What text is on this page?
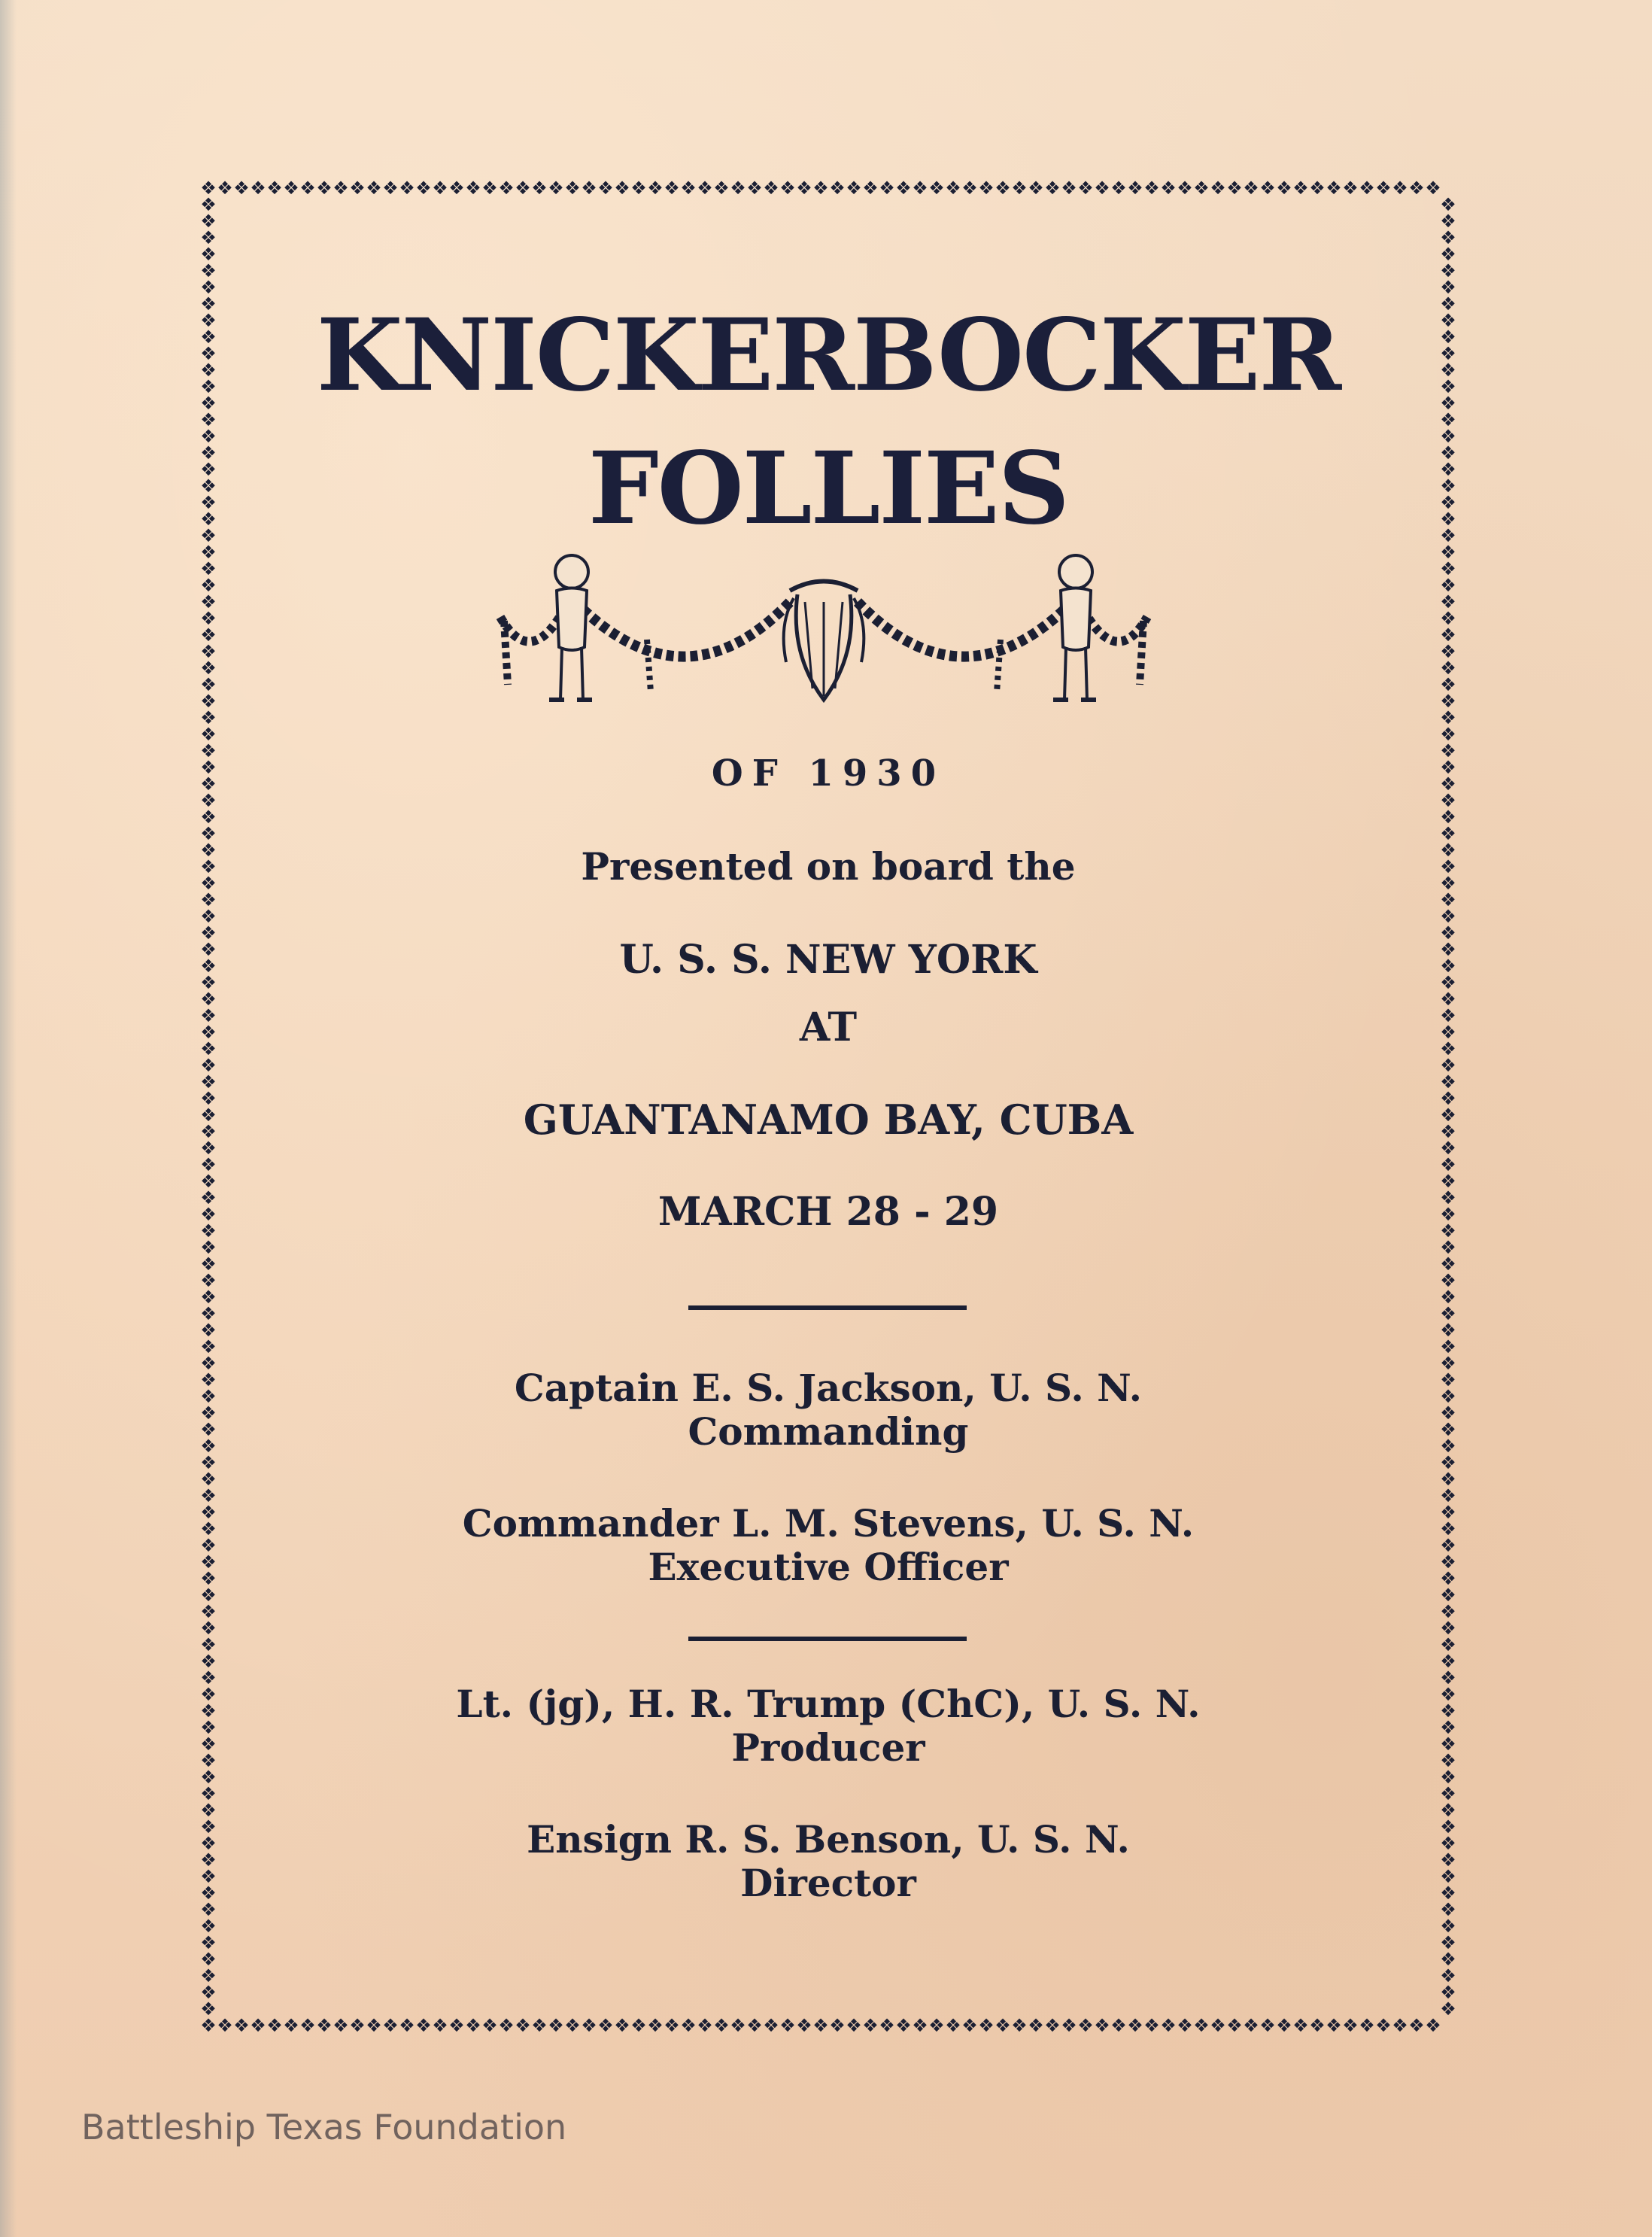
❖
❖
❖
❖
❖
❖
❖
❖
❖
❖
❖
❖
❖
❖
❖
❖
❖
❖
❖
❖
❖
❖
❖
❖
❖
❖
❖
❖
❖
❖
❖
❖
❖
❖
❖
❖
❖
❖
❖
❖
❖
❖
❖
❖
❖
❖
❖
❖
❖
❖
❖
❖
❖
❖
❖
❖
❖
❖
❖
❖
❖
❖
❖
❖
❖
❖
❖
❖
❖
❖
❖
❖
❖
❖
❖
❖
❖
❖
❖
❖
❖
❖
❖
❖
❖
❖
❖
❖
❖
❖
❖
❖
❖
❖
❖
❖
❖
❖
❖
❖
❖
❖
❖
❖
❖
❖
❖
❖
❖
❖
❖
❖
❖
❖
❖
❖
❖
❖
❖
❖
❖
❖
❖
❖
❖
❖
❖
❖
❖
❖
❖
❖
❖
❖
❖
❖
❖
❖
❖
❖
❖
❖
❖
❖
❖
❖
❖
❖
❖
❖
❖	❖
❖	❖
❖	❖
❖	❖
❖	❖
❖	❖
❖	❖
❖	❖
❖	❖
❖	❖
❖	❖
❖	❖
❖	❖
❖	❖
❖	❖
❖	❖
❖	❖
❖	❖
❖	❖
❖	❖
❖	❖
❖	❖
❖	❖
❖	❖
❖	❖
❖	❖
❖	❖
❖	❖
❖	❖
❖	❖
❖	❖
❖	❖
❖	❖
❖	❖
❖	❖
❖	❖
❖	❖
❖	❖
❖	❖
❖	❖
❖	❖
❖	❖
❖	❖
❖	❖
❖	❖
❖	❖
❖	❖
❖	❖
❖	❖
❖	❖
❖	❖
❖	❖
❖	❖
❖	❖
❖	❖
❖	❖
❖	❖
❖	❖
❖	❖
❖	❖
❖	❖
❖	❖
❖	❖
❖	❖
❖	❖
❖	❖
❖	❖
❖	❖
❖	❖
❖	❖
❖	❖
❖	❖
❖	❖
❖	❖
❖	❖
❖	❖
❖	❖
❖	❖
❖	❖
❖	❖
❖	❖
❖	❖
❖	❖
❖	❖
❖	❖
❖	❖
❖	❖
❖	❖
❖	❖
❖	❖
❖	❖
❖	❖
❖	❖
❖	❖
❖	❖
❖	❖
❖	❖
❖	❖
❖	❖
❖	❖
❖	❖
❖	❖
❖	❖
❖	❖
❖	❖
❖	❖
❖	❖
❖	❖
❖	❖
❖	❖
KNICKERBOCKER
FOLLIES
OF 1930
Presented on board the
U. S. S. NEW YORK
AT
GUANTANAMO BAY, CUBA
MARCH 28 - 29
Captain E. S. Jackson, U. S. N.
Commanding
Commander L. M. Stevens, U. S. N.
Executive Officer
Lt. (jg), H. R. Trump (ChC), U. S. N.
Producer
Ensign R. S. Benson, U. S. N.
Director
Battleship Texas Foundation
